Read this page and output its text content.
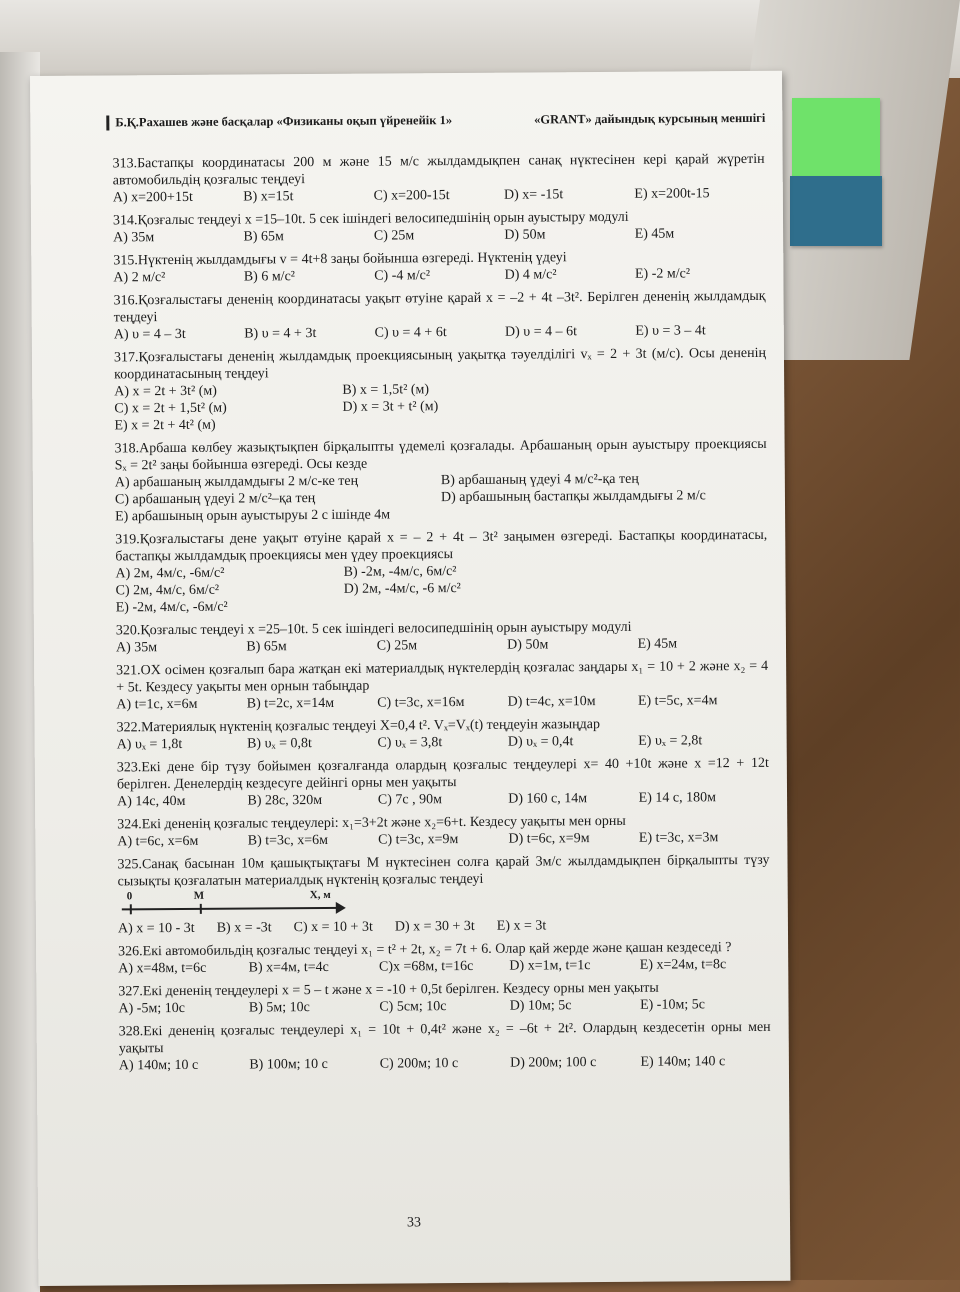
Б.Қ.Рахашев және басқалар «Физиканы оқып үйренейік 1»	«GRANT» дайындық курсының меншігі
313.Бастапқы координатасы 200 м және 15 м/с жылдамдықпен санақ нүктесінен кері қарай жүретін автомобильдің қозғалыс теңдеуі
A) x=200+15t	B) x=15t	C) x=200-15t	D) x= -15t	E) x=200t-15
314.Қозғалыс теңдеуі x =15–10t. 5 сек ішіндегі велосипедшінің орын ауыстыру модулі
A) 35м	B) 65м	C) 25м	D) 50м	E) 45м
315.Нүктенің жылдамдығы v = 4t+8 заңы бойынша өзгереді. Нүктенің үдеуі
A) 2 м/с²	B) 6 м/с²	C) -4 м/с²	D) 4 м/с²	E) -2 м/с²
316.Қозғалыстағы дененің координатасы уақыт өтуіне қарай x = –2 + 4t –3t². Берілген дененің жылдамдық теңдеуі
A) υ = 4 – 3t	B) υ = 4 + 3t	C) υ = 4 + 6t	D) υ = 4 – 6t	E) υ = 3 – 4t
317.Қозғалыстағы дененің жылдамдық проекциясының уақытқа тәуелділігі vₓ = 2 + 3t (м/с). Осы дененің координатасының теңдеуі
A) x = 2t + 3t² (м)	B) x = 1,5t² (м)
C) x = 2t + 1,5t² (м)	D) x = 3t + t² (м)
E) x = 2t + 4t² (м)
318.Арбаша көлбеу жазықтықпен бірқалыпты үдемелі қозғалады. Арбашаның орын ауыстыру проекциясы Sₓ = 2t² заңы бойынша өзгереді. Осы кезде
A) арбашаның жылдамдығы 2 м/с-ке тең	B) арбашаның үдеуі 4 м/с²-қа тең
C) арбашаның үдеуі 2 м/с²–қа тең	D) арбашының бастапқы жылдамдығы 2 м/с
E) арбашының орын ауыстыруы 2 с ішінде 4м
319.Қозғалыстағы дене уақыт өтуіне қарай x = – 2 + 4t – 3t² заңымен өзгереді. Бастапқы координатасы, бастапқы жылдамдық проекциясы мен үдеу проекциясы
A) 2м, 4м/с, -6м/с²	B) -2м, -4м/с, 6м/с²
C) 2м, 4м/с, 6м/с²	D) 2м, -4м/с, -6 м/с²
E) -2м, 4м/с, -6м/с²
320.Қозғалыс теңдеуі x =25–10t. 5 сек ішіндегі велосипедшінің орын ауыстыру модулі
A) 35м	B) 65м	C) 25м	D) 50м	E) 45м
321.OX осімен қозғалып бара жатқан екі материалдық нүктелердің қозғалас заңдары x₁ = 10 + 2 және x₂ = 4 + 5t. Кездесу уақыты мен орнын табыңдар
A) t=1с, x=6м	B) t=2с, x=14м	C) t=3с, x=16м	D) t=4с, x=10м	E) t=5с, x=4м
322.Материялық нүктенің қозғалыс теңдеуі X=0,4 t². Vₓ=Vₓ(t) теңдеуін жазыңдар
A) υₓ = 1,8t	B) υₓ = 0,8t	C) υₓ = 3,8t	D) υₓ = 0,4t	E) υₓ = 2,8t
323.Екі дене бір түзу бойымен қозғалғанда олардың қозғалыс теңдеулері x= 40 +10t және x =12 + 12t берілген. Денелердің кездесуге дейінгі орны мен уақыты
A) 14с, 40м	B) 28с, 320м	C) 7с , 90м	D) 160 с, 14м	E) 14 с, 180м
324.Екі дененің қозғалыс теңдеулері: x₁=3+2t және x₂=6+t. Кездесу уақыты мен орны
A) t=6с, x=6м	B) t=3с, x=6м	C) t=3с, x=9м	D) t=6с, x=9м	E) t=3с, x=3м
325.Санақ басынан 10м қашықтықтағы М нүктесінен солға қарай 3м/с жылдамдықпен бірқалыпты түзу сызықты қозғалатын материалдық нүктенің қозғалыс теңдеуі
0	М	X, м
A) x = 10 - 3t B) x = -3t C) x = 10 + 3t D) x = 30 + 3t E) x = 3t
326.Екі автомобильдің қозғалыс теңдеуі x₁ = t² + 2t, x₂ = 7t + 6. Олар қай жерде және қашан кездеседі ?
A) x=48м, t=6с	B) x=4м, t=4с	C)x =68м, t=16с	D) x=1м, t=1с	E) x=24м, t=8с
327.Екі дененің теңдеулері x = 5 – t және x = -10 + 0,5t берілген. Кездесу орны мен уақыты
A) -5м; 10с	B) 5м; 10с	C) 5см; 10с	D) 10м; 5с	E) -10м; 5с
328.Екі дененің қозғалыс теңдеулері x₁ = 10t + 0,4t² және x₂ = –6t + 2t². Олардың кездесетін орны мен уақыты
A) 140м; 10 с	B) 100м; 10 с	C) 200м; 10 с	D) 200м; 100 с	E) 140м; 140 с
33
